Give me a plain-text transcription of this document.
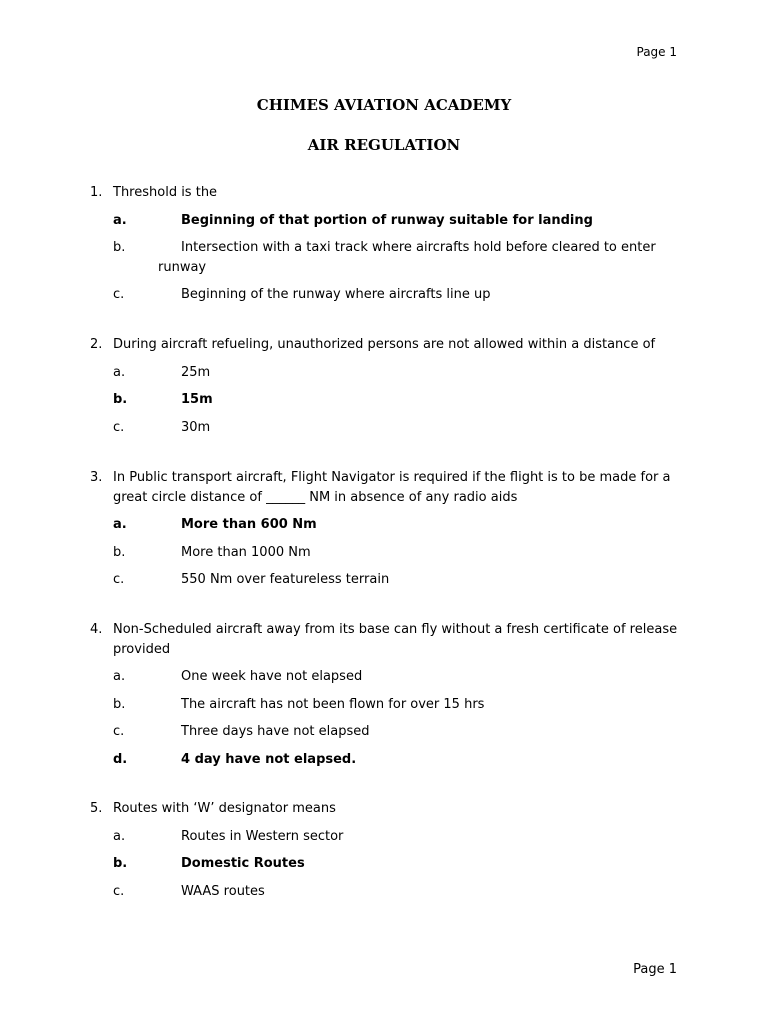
Page 1
CHIMES AVIATION ACADEMY
AIR REGULATION
1. Threshold is the
a.	Beginning of that portion of runway suitable for landing
b.	Intersection with a taxi track where aircrafts hold before cleared to enter runway
c.	Beginning of the runway where aircrafts line up
2. During aircraft refueling, unauthorized persons are not allowed within a distance of
a.	25m
b.	15m
c.	30m
3. In Public transport aircraft, Flight Navigator is required if the flight is to be made for a great circle distance of ______ NM in absence of any radio aids
a.	More than 600 Nm
b.	More than 1000 Nm
c.	550 Nm over featureless terrain
4. Non-Scheduled aircraft away from its base can fly without a fresh certificate of release provided
a.	One week have not elapsed
b.	The aircraft has not been flown for over 15 hrs
c.	Three days have not elapsed
d.	4 day have not elapsed.
5. Routes with ‘W’ designator means
a.	Routes in Western sector
b.	Domestic Routes
c.	WAAS routes
Page 1
